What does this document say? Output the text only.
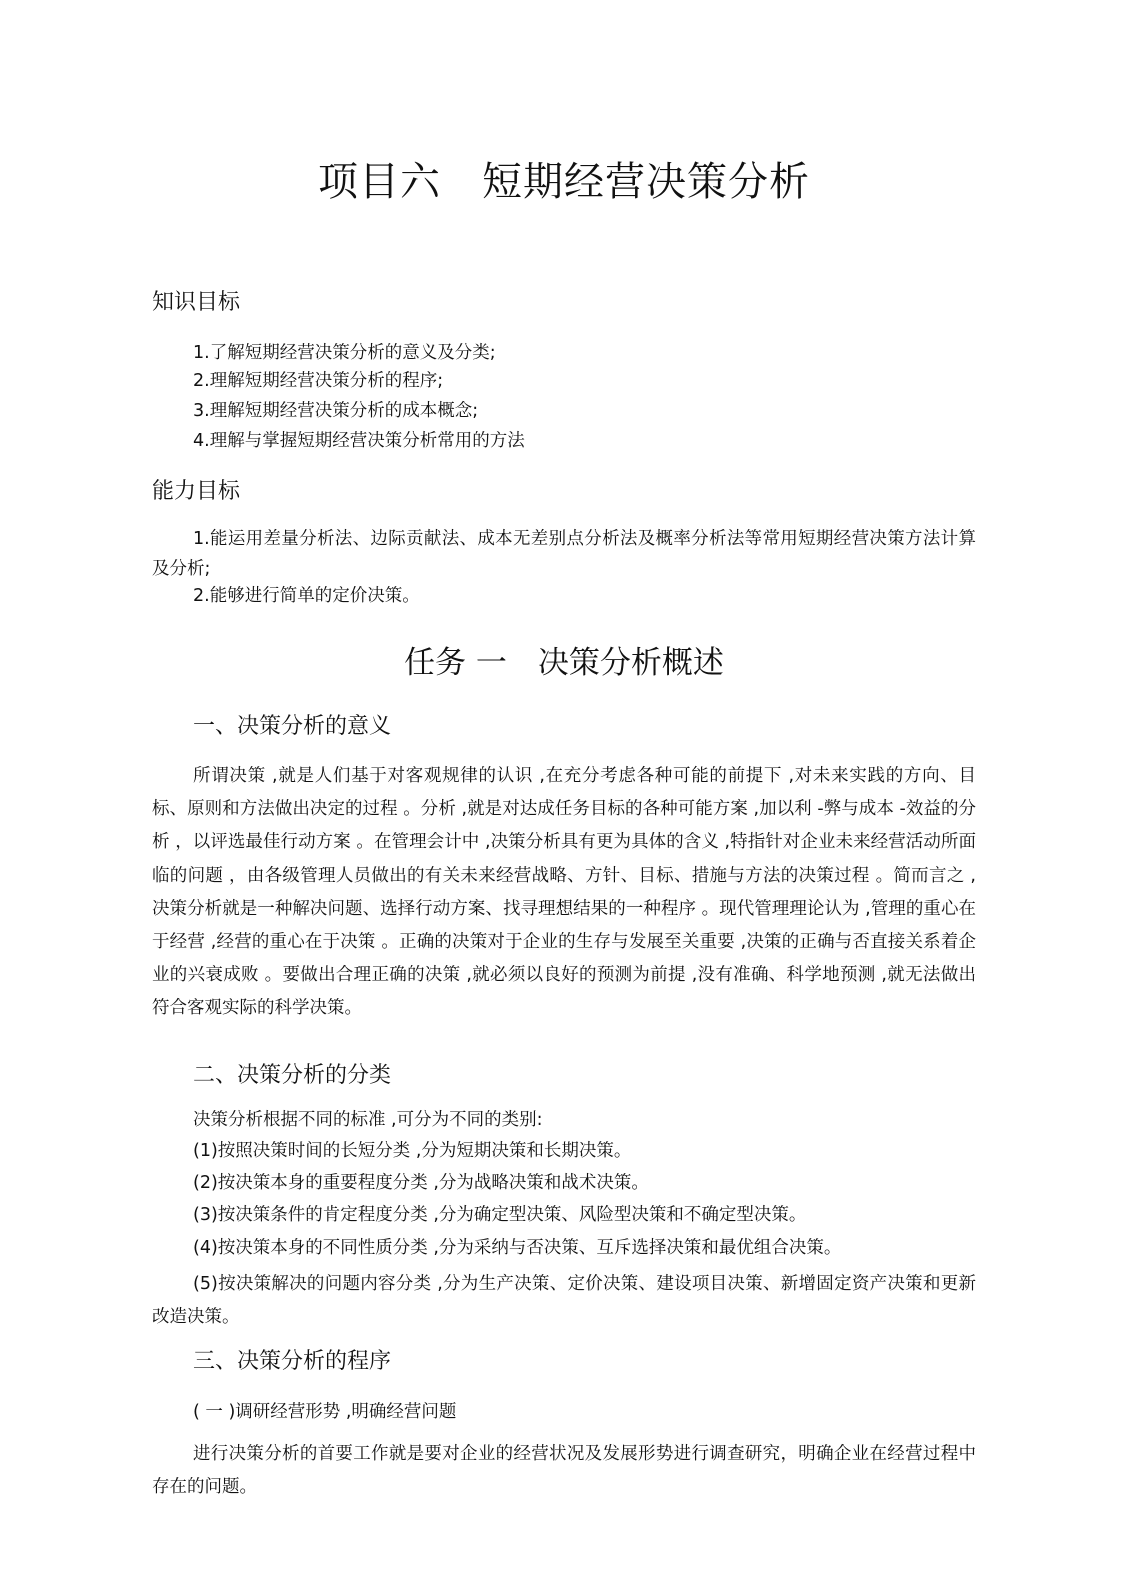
项目六　短期经营决策分析
知识目标
1.了解短期经营决策分析的意义及分类;
2.理解短期经营决策分析的程序;
3.理解短期经营决策分析的成本概念;
4.理解与掌握短期经营决策分析常用的方法
能力目标

1.能运用差量分析法、边际贡献法、成本无差别点分析法及概率分析法等常用短期经营决策方法计算及分析;

2.能够进行简单的定价决策。
任务 一　决策分析概述
一、决策分析的意义

所谓决策 ,就是人们基于对客观规律的认识 ,在充分考虑各种可能的前提下 ,对未来实践的方向、目标、原则和方法做出决定的过程 。分析 ,就是对达成任务目标的各种可能方案 ,加以利 -弊与成本 -效益的分析 ，以评选最佳行动方案 。在管理会计中 ,决策分析具有更为具体的含义 ,特指针对企业未来经营活动所面临的问题 ，由各级管理人员做出的有关未来经营战略、方针、目标、措施与方法的决策过程 。简而言之 ,决策分析就是一种解决问题、选择行动方案、找寻理想结果的一种程序 。现代管理理论认为 ,管理的重心在于经营 ,经营的重心在于决策 。正确的决策对于企业的生存与发展至关重要 ,决策的正确与否直接关系着企业的兴衰成败 。要做出合理正确的决策 ,就必须以良好的预测为前提 ,没有准确、科学地预测 ,就无法做出符合客观实际的科学决策。

二、决策分析的分类
决策分析根据不同的标准 ,可分为不同的类别:
(1)按照决策时间的长短分类 ,分为短期决策和长期决策。
(2)按决策本身的重要程度分类 ,分为战略决策和战术决策。
(3)按决策条件的肯定程度分类 ,分为确定型决策、风险型决策和不确定型决策。
(4)按决策本身的不同性质分类 ,分为采纳与否决策、互斥选择决策和最优组合决策。

(5)按决策解决的问题内容分类 ,分为生产决策、定价决策、建设项目决策、新增固定资产决策和更新改造决策。

三、决策分析的程序
( 一 )调研经营形势 ,明确经营问题

进行决策分析的首要工作就是要对企业的经营状况及发展形势进行调查研究，明确企业在经营过程中存在的问题。
